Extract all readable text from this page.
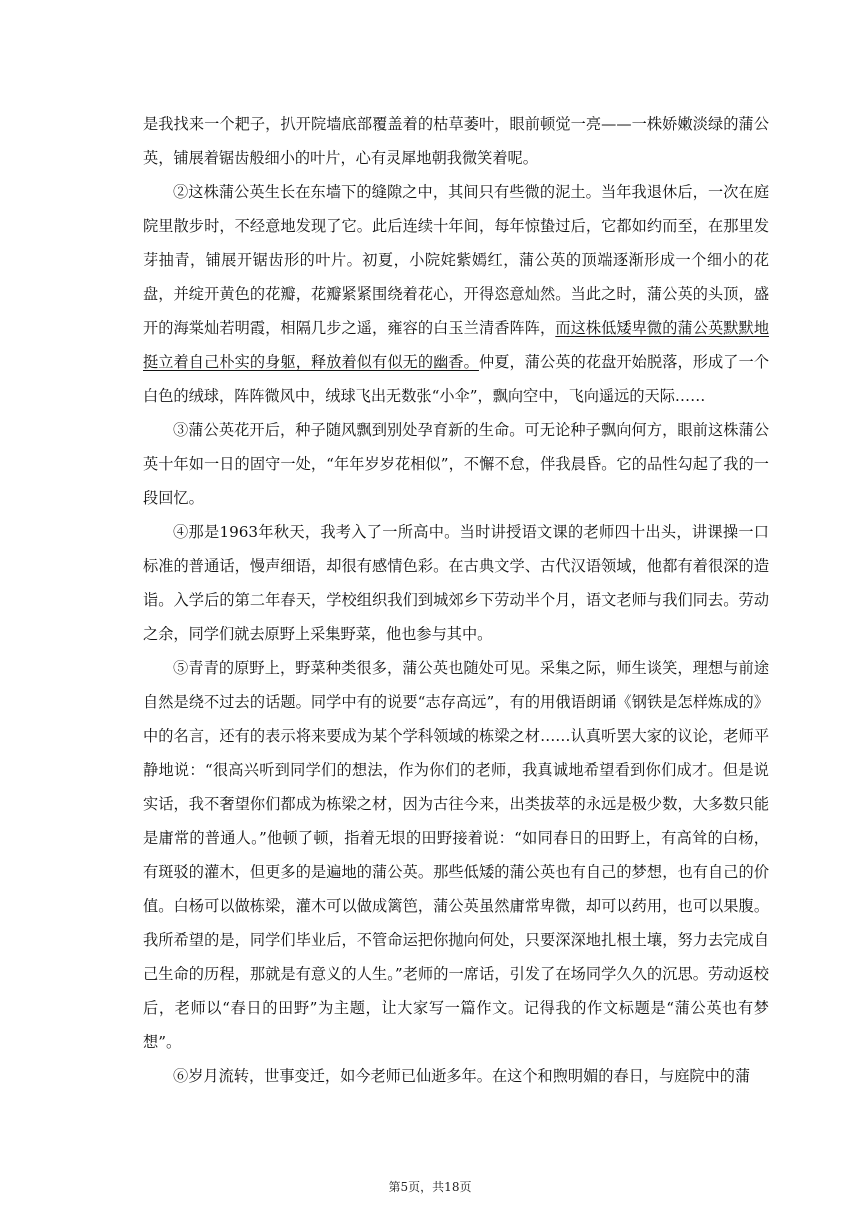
是我找来一个耙子，扒开院墙底部覆盖着的枯草萎叶，眼前顿觉一亮——一株娇嫩淡绿的蒲公英，铺展着锯齿般细小的叶片，心有灵犀地朝我微笑着呢。

②这株蒲公英生长在东墙下的缝隙之中，其间只有些微的泥土。当年我退休后，一次在庭院里散步时，不经意地发现了它。此后连续十年间，每年惊蛰过后，它都如约而至，在那里发芽抽青，铺展开锯齿形的叶片。初夏，小院姹紫嫣红，蒲公英的顶端逐渐形成一个细小的花盘，并绽开黄色的花瓣，花瓣紧紧围绕着花心，开得恣意灿然。当此之时，蒲公英的头顶，盛开的海棠灿若明霞，相隔几步之遥，雍容的白玉兰清香阵阵，而这株低矮卑微的蒲公英默默地挺立着自己朴实的身躯，释放着似有似无的幽香。仲夏，蒲公英的花盘开始脱落，形成了一个白色的绒球，阵阵微风中，绒球飞出无数张“小伞”，飘向空中，飞向遥远的天际……

③蒲公英花开后，种子随风飘到别处孕育新的生命。可无论种子飘向何方，眼前这株蒲公英十年如一日的固守一处，“年年岁岁花相似”，不懈不怠，伴我晨昏。它的品性勾起了我的一段回忆。

④那是1963年秋天，我考入了一所高中。当时讲授语文课的老师四十出头，讲课操一口标准的普通话，慢声细语，却很有感情色彩。在古典文学、古代汉语领域，他都有着很深的造诣。入学后的第二年春天，学校组织我们到城郊乡下劳动半个月，语文老师与我们同去。劳动之余，同学们就去原野上采集野菜，他也参与其中。

⑤青青的原野上，野菜种类很多，蒲公英也随处可见。采集之际，师生谈笑，理想与前途自然是绕不过去的话题。同学中有的说要“志存高远”，有的用俄语朗诵《钢铁是怎样炼成的》中的名言，还有的表示将来要成为某个学科领域的栋梁之材……认真听罢大家的议论，老师平静地说：“很高兴听到同学们的想法，作为你们的老师，我真诚地希望看到你们成才。但是说实话，我不奢望你们都成为栋梁之材，因为古往今来，出类拔萃的永远是极少数，大多数只能是庸常的普通人。”他顿了顿，指着无垠的田野接着说：“如同春日的田野上，有高耸的白杨，有斑驳的灌木，但更多的是遍地的蒲公英。那些低矮的蒲公英也有自己的梦想，也有自己的价值。白杨可以做栋梁，灌木可以做成篱笆，蒲公英虽然庸常卑微，却可以药用，也可以果腹。我所希望的是，同学们毕业后，不管命运把你抛向何处，只要深深地扎根土壤，努力去完成自己生命的历程，那就是有意义的人生。”老师的一席话，引发了在场同学久久的沉思。劳动返校后，老师以“春日的田野”为主题，让大家写一篇作文。记得我的作文标题是“蒲公英也有梦想”。

⑥岁月流转，世事变迁，如今老师已仙逝多年。在这个和煦明媚的春日，与庭院中的蒲

第5页，共18页
